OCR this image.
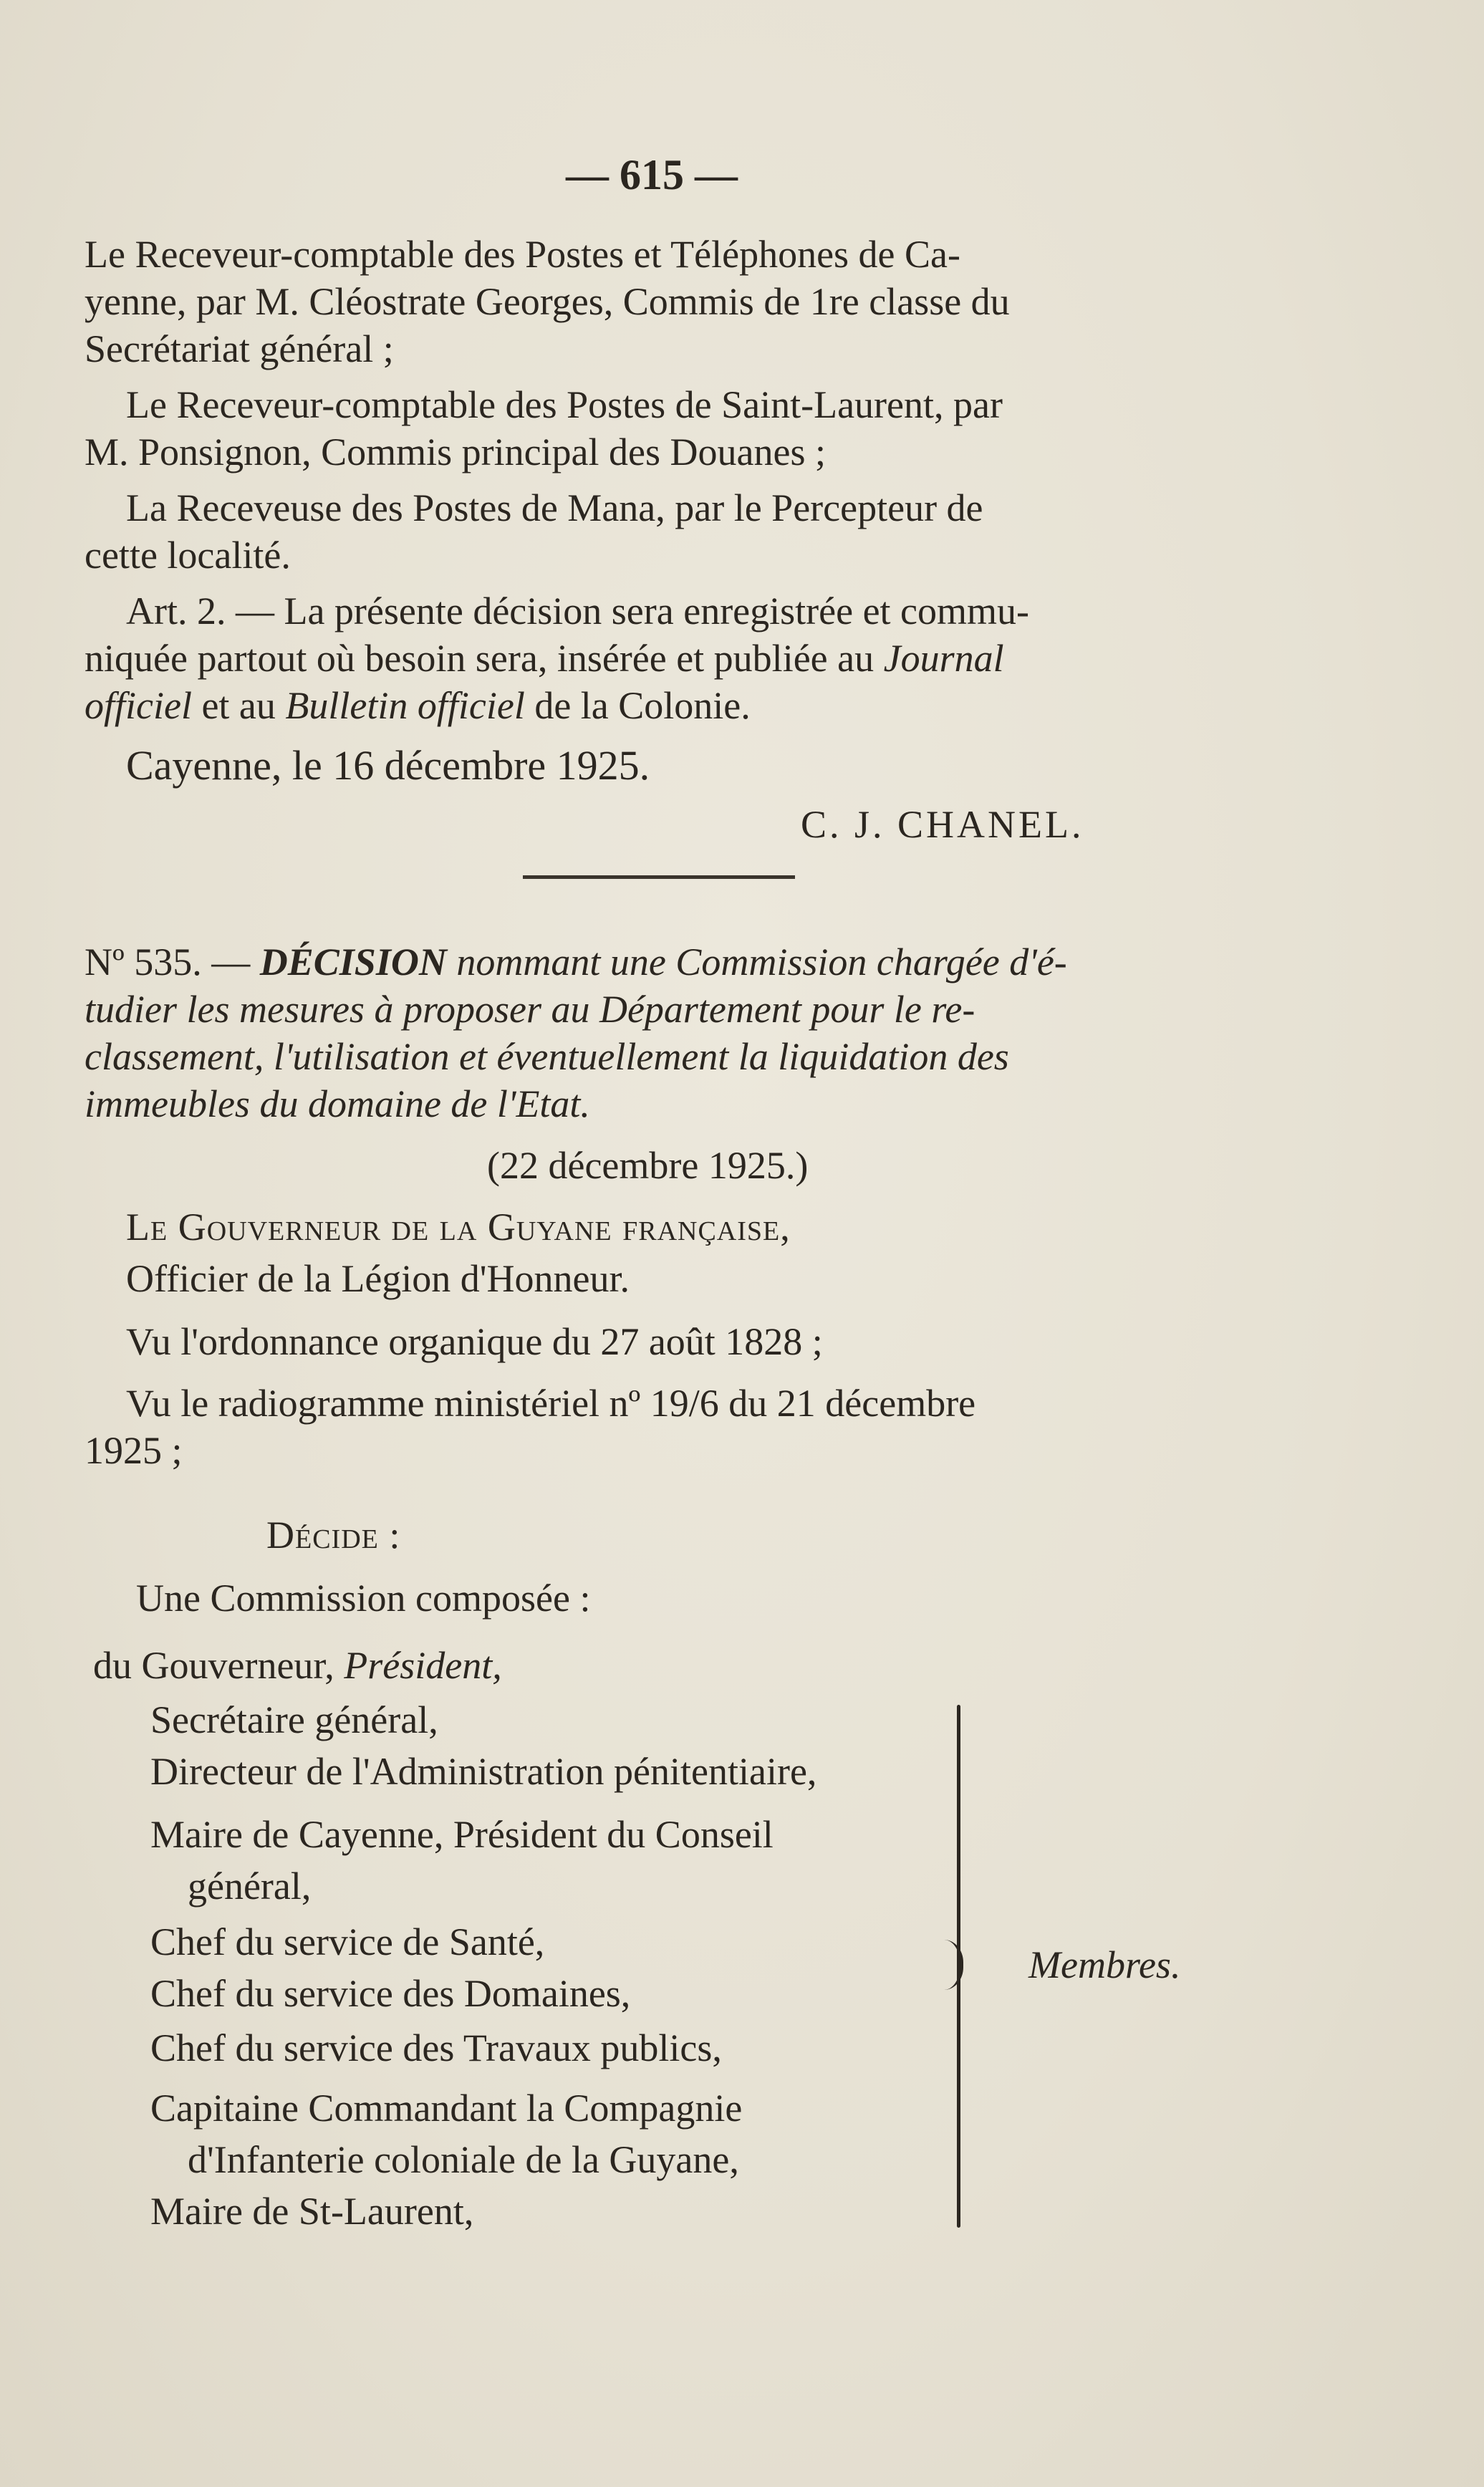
— 615 —
Le Receveur-comptable des Postes et Téléphones de Ca-
yenne, par M. Cléostrate Georges, Commis de 1re classe du
Secrétariat général ;
Le Receveur-comptable des Postes de Saint-Laurent, par
M. Ponsignon, Commis principal des Douanes ;
La Receveuse des Postes de Mana, par le Percepteur de
cette localité.
Art. 2. — La présente décision sera enregistrée et commu-
niquée partout où besoin sera, insérée et publiée au Journal
officiel et au Bulletin officiel de la Colonie.
Cayenne, le 16 décembre 1925.
C. J. CHANEL.
Nº 535. — DÉCISION nommant une Commission chargée d'é-
tudier les mesures à proposer au Département pour le re-
classement, l'utilisation et éventuellement la liquidation des
immeubles du domaine de l'Etat.
(22 décembre 1925.)
Le Gouverneur de la Guyane française,
Officier de la Légion d'Honneur.
Vu l'ordonnance organique du 27 août 1828 ;
Vu le radiogramme ministériel nº 19/6 du 21 décembre
1925 ;
Décide :
Une Commission composée :
du Gouverneur, Président,
Secrétaire général,
Directeur de l'Administration pénitentiaire,
Maire de Cayenne, Président du Conseil
général,
Chef du service de Santé,
Chef du service des Domaines,
Chef du service des Travaux publics,
Capitaine Commandant la Compagnie
d'Infanterie coloniale de la Guyane,
Maire de St-Laurent,
Membres.
